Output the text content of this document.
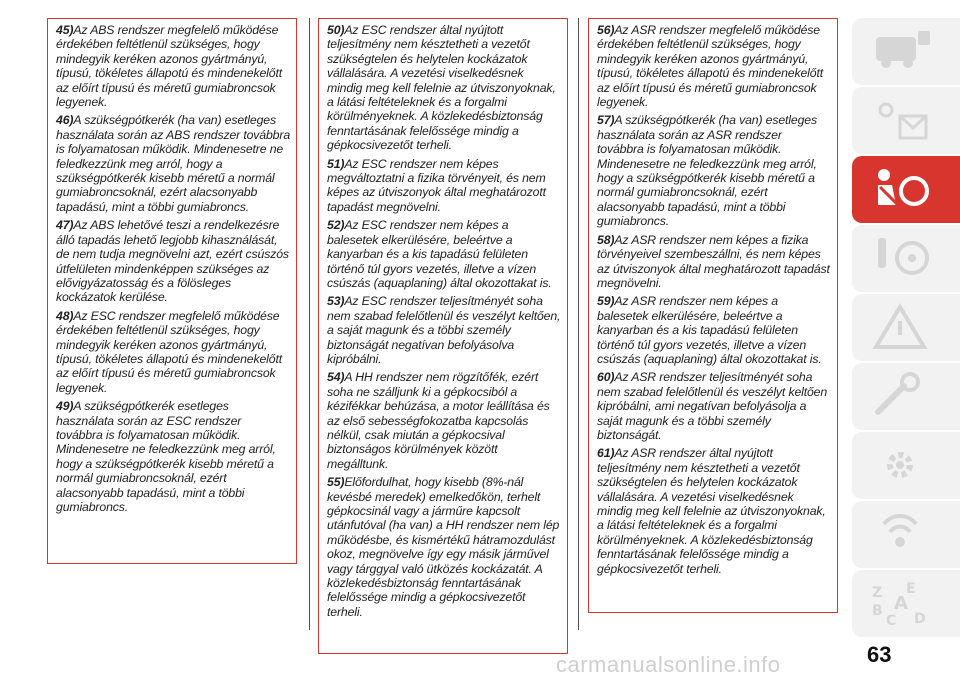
45)Az ABS rendszer megfelelő működése érdekében feltétlenül szükséges, hogy mindegyik keréken azonos gyártmányú, típusú, tökéletes állapotú és mindenekelőtt az előírt típusú és méretű gumiabroncsok legyenek.

46)A szükségpótkerék (ha van) esetleges használata során az ABS rendszer továbbra is folyamatosan működik. Mindenesetre ne feledkezzünk meg arról, hogy a szükségpótkerék kisebb méretű a normál gumiabroncsoknál, ezért alacsonyabb tapadású, mint a többi gumiabroncs.

47)Az ABS lehetővé teszi a rendelkezésre álló tapadás lehető legjobb kihasználását, de nem tudja megnövelni azt, ezért csúszós útfelületen mindenképpen szükséges az elővigyázatosság és a fölösleges kockázatok kerülése.

48)Az ESC rendszer megfelelő működése érdekében feltétlenül szükséges, hogy mindegyik keréken azonos gyártmányú, típusú, tökéletes állapotú és mindenekelőtt az előírt típusú és méretű gumiabroncsok legyenek.

49)A szükségpótkerék esetleges használata során az ESC rendszer továbbra is folyamatosan működik. Mindenesetre ne feledkezzünk meg arról, hogy a szükségpótkerék kisebb méretű a normál gumiabroncsoknál, ezért alacsonyabb tapadású, mint a többi gumiabroncs.

50)Az ESC rendszer által nyújtott teljesítmény nem késztetheti a vezetőt szükségtelen és helytelen kockázatok vállalására. A vezetési viselkedésnek mindig meg kell felelnie az útviszonyoknak, a látási feltételeknek és a forgalmi körülményeknek. A közlekedésbiztonság fenntartásának felelőssége mindig a gépkocsivezetőt terheli.

51)Az ESC rendszer nem képes megváltoztatni a fizika törvényeit, és nem képes az útviszonyok által meghatározott tapadást megnövelni.

52)Az ESC rendszer nem képes a balesetek elkerülésére, beleértve a kanyarban és a kis tapadású felületen történő túl gyors vezetés, illetve a vízen csúszás (aquaplaning) által okozottakat is.

53)Az ESC rendszer teljesítményét soha nem szabad felelőtlenül és veszélyt keltően, a saját magunk és a többi személy biztonságát negatívan befolyásolva kipróbálni.

54)A HH rendszer nem rögzítőfék, ezért soha ne szálljunk ki a gépkocsiból a kézifékkar behúzása, a motor leállítása és az első sebességfokozatba kapcsolás nélkül, csak miután a gépkocsival biztonságos körülmények között megálltunk.

55)Előfordulhat, hogy kisebb (8%-nál kevésbé meredek) emelkedőkön, terhelt gépkocsinál vagy a jármű​re kapcsolt utánfutóval (ha van) a HH rendszer nem lép működésbe, és kismértékű hátramozdulást okoz, megnövelve így egy másik járművel vagy tárggyal való ütközés kockázatát. A közlekedésbiztonság fenntartásának felelőssége mindig a gépkocsivezetőt terheli.

56)Az ASR rendszer megfelelő működése érdekében feltétlenül szükséges, hogy mindegyik keréken azonos gyártmányú, típusú, tökéletes állapotú és mindenekelőtt az előírt típusú és méretű gumiabroncsok legyenek.

57)A szükségpótkerék (ha van) esetleges használata során az ASR rendszer továbbra is folyamatosan működik. Mindenesetre ne feledkezzünk meg arról, hogy a szükségpótkerék kisebb méretű a normál gumiabroncsoknál, ezért alacsonyabb tapadású, mint a többi gumiabroncs.

58)Az ASR rendszer nem képes a fizika törvényeivel szembeszállni, és nem képes az útviszonyok által meghatározott tapadást megnövelni.

59)Az ASR rendszer nem képes a balesetek elkerülésére, beleértve a kanyarban és a kis tapadású felületen történő túl gyors vezetés, illetve a vízen csúszás (aquaplaning) által okozottakat is.

60)Az ASR rendszer teljesítményét soha nem szabad felelőtlenül és veszélyt keltően kipróbálni, ami negatívan befolyásolja a saját magunk és a többi személy biztonságát.

61)Az ASR rendszer által nyújtott teljesítmény nem késztetheti a vezetőt szükségtelen és helytelen kockázatok vállalására. A vezetési viselkedésnek mindig meg kell felelnie az útviszonyoknak, a látási feltételeknek és a forgalmi körülményeknek. A közlekedésbiztonság fenntartásának felelőssége mindig a gépkocsivezetőt terheli.

Z E
A
B
C D
63
carmanualsonline.info
